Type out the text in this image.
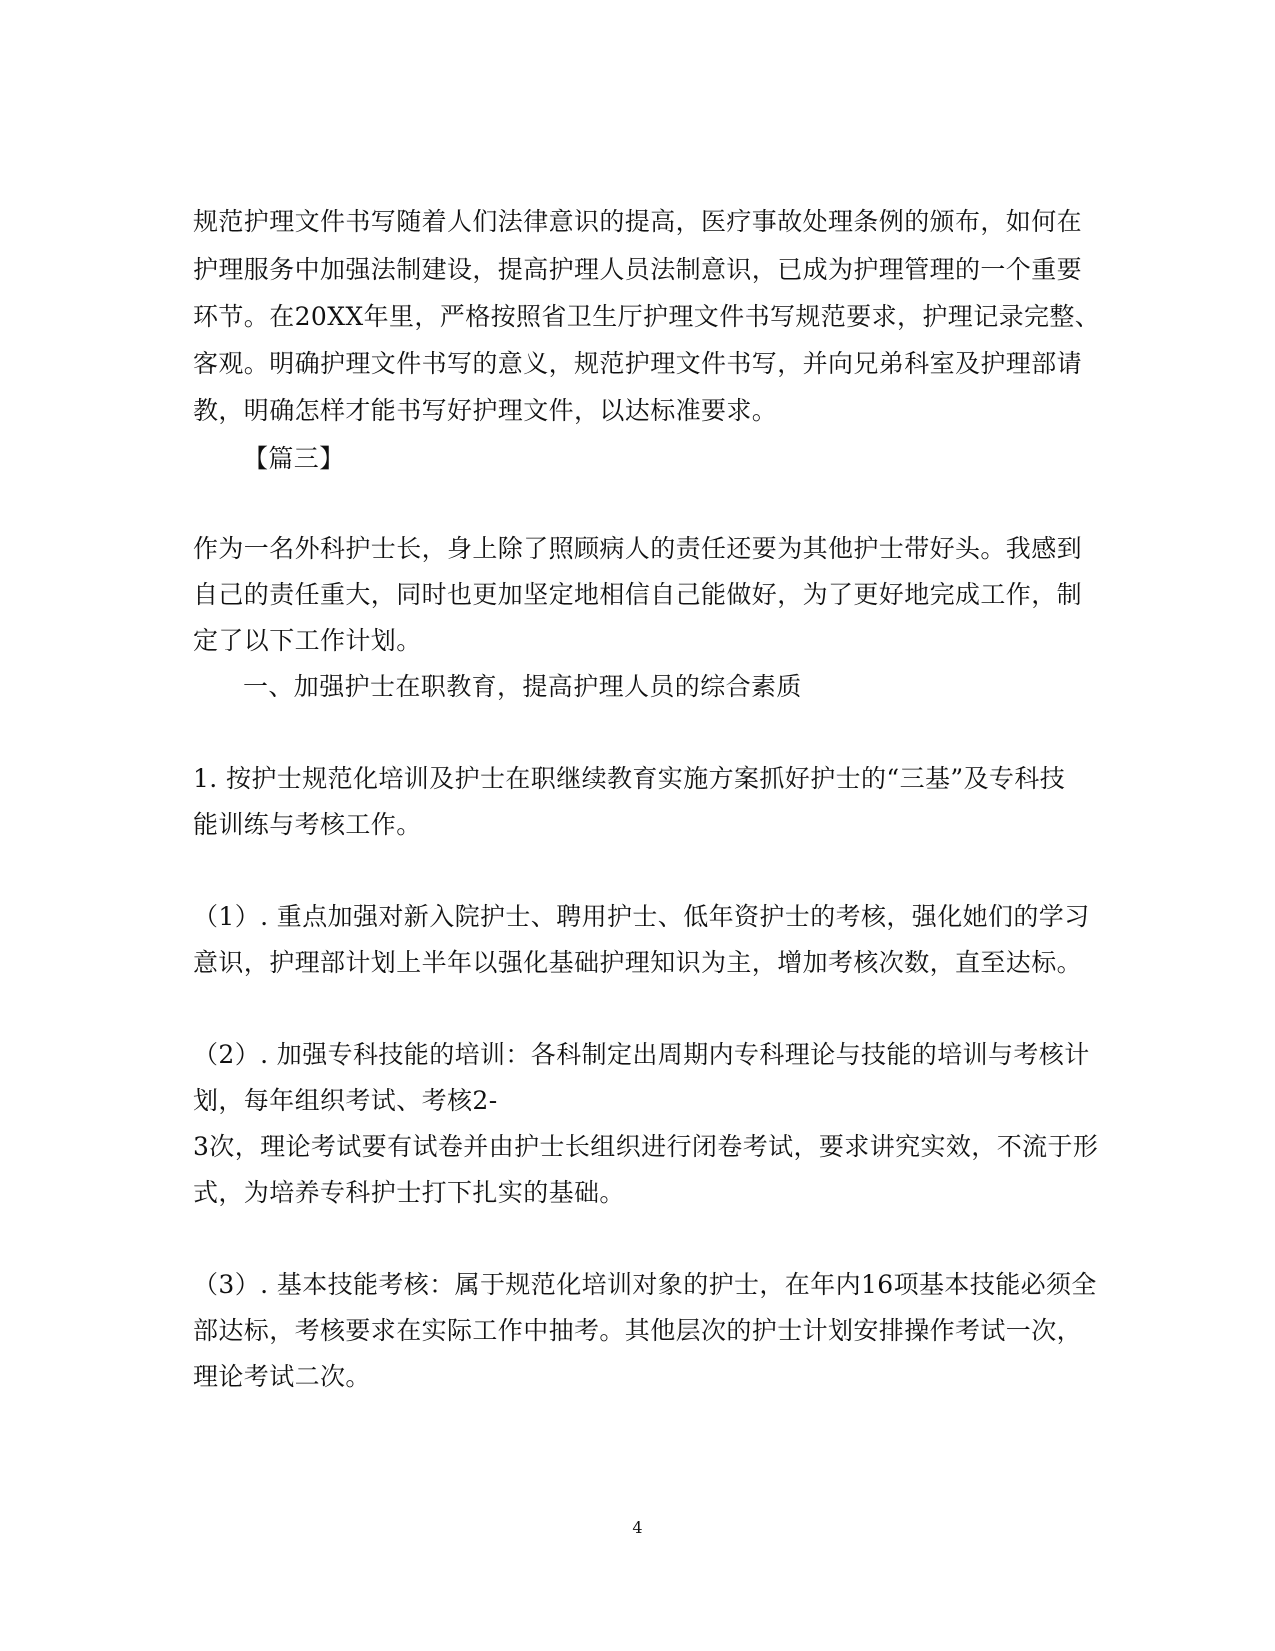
规范护理文件书写随着人们法律意识的提高，医疗事故处理条例的颁布，如何在
护理服务中加强法制建设，提高护理人员法制意识，已成为护理管理的一个重要
环节。在20XX年里，严格按照省卫生厅护理文件书写规范要求，护理记录完整、
客观。明确护理文件书写的意义，规范护理文件书写，并向兄弟科室及护理部请
教，明确怎样才能书写好护理文件，以达标准要求。
【篇三】
作为一名外科护士长，身上除了照顾病人的责任还要为其他护士带好头。我感到
自己的责任重大，同时也更加坚定地相信自己能做好，为了更好地完成工作，制
定了以下工作计划。
一、加强护士在职教育，提高护理人员的综合素质
1. 按护士规范化培训及护士在职继续教育实施方案抓好护士的“三基”及专科技
能训练与考核工作。
（1）. 重点加强对新入院护士、聘用护士、低年资护士的考核，强化她们的学习
意识，护理部计划上半年以强化基础护理知识为主，增加考核次数，直至达标。
（2）. 加强专科技能的培训：各科制定出周期内专科理论与技能的培训与考核计
划，每年组织考试、考核2-
3次，理论考试要有试卷并由护士长组织进行闭卷考试，要求讲究实效，不流于形
式，为培养专科护士打下扎实的基础。
（3）. 基本技能考核：属于规范化培训对象的护士，在年内16项基本技能必须全
部达标，考核要求在实际工作中抽考。其他层次的护士计划安排操作考试一次，
理论考试二次。
4
